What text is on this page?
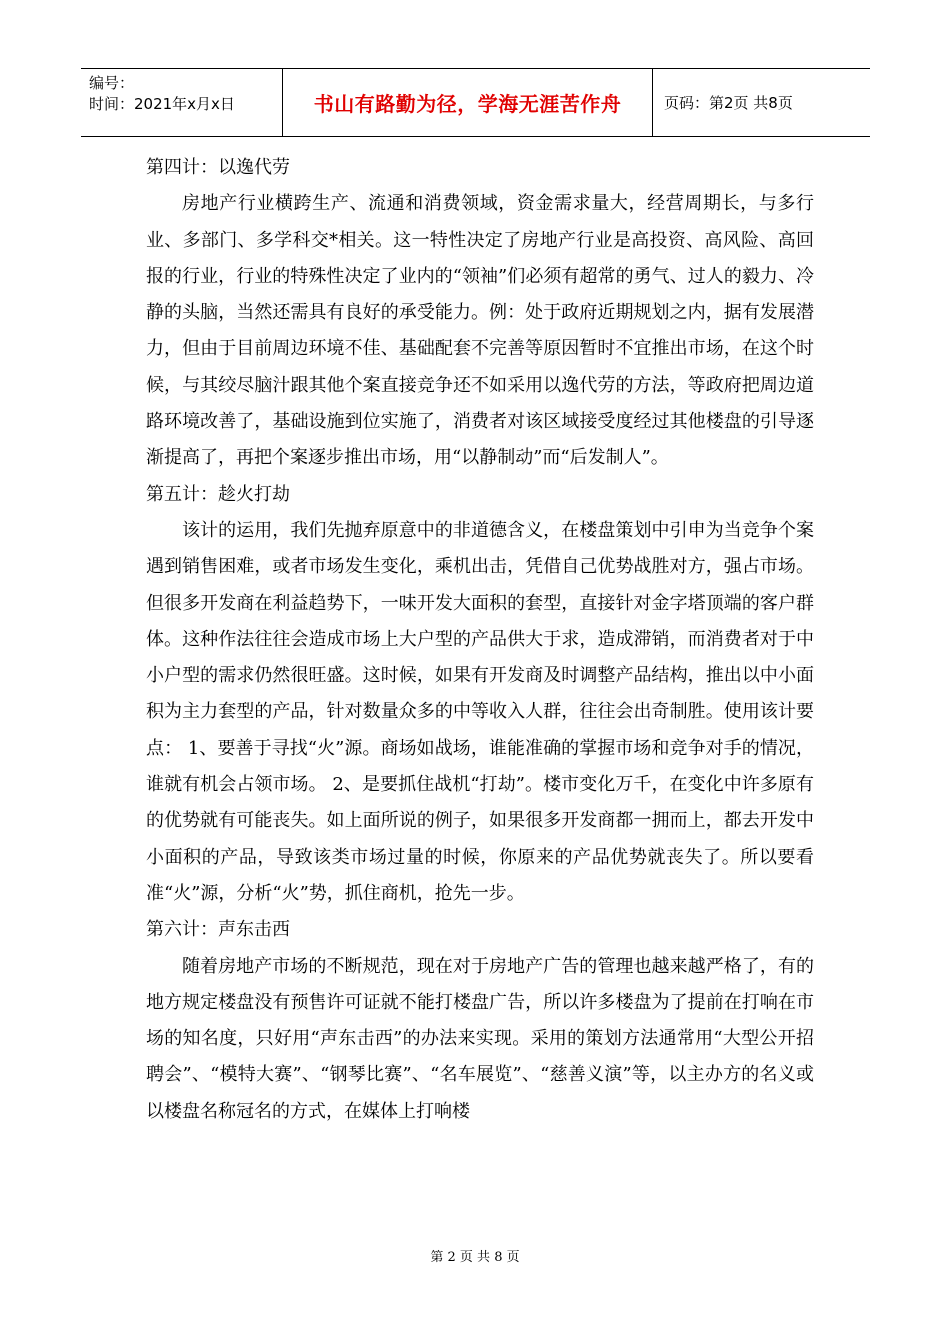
编号：
时间：2021年x月x日	书山有路勤为径，学海无涯苦作舟	页码：第2页 共8页

第四计：以逸代劳

房地产行业横跨生产、流通和消费领域，资金需求量大，经营周期长，与多行业、多部门、多学科交*相关。这一特性决定了房地产行业是高投资、高风险、高回报的行业，行业的特殊性决定了业内的“领袖”们必须有超常的勇气、过人的毅力、冷静的头脑，当然还需具有良好的承受能力。例：处于政府近期规划之内，据有发展潜力，但由于目前周边环境不佳、基础配套不完善等原因暂时不宜推出市场，在这个时候，与其绞尽脑汁跟其他个案直接竞争还不如采用以逸代劳的方法，等政府把周边道路环境改善了，基础设施到位实施了，消费者对该区域接受度经过其他楼盘的引导逐渐提高了，再把个案逐步推出市场，用“以静制动”而“后发制人”。

第五计：趁火打劫

该计的运用，我们先抛弃原意中的非道德含义，在楼盘策划中引申为当竞争个案遇到销售困难，或者市场发生变化，乘机出击，凭借自己优势战胜对方，强占市场。但很多开发商在利益趋势下，一味开发大面积的套型，直接针对金字塔顶端的客户群体。这种作法往往会造成市场上大户型的产品供大于求，造成滞销，而消费者对于中小户型的需求仍然很旺盛。这时候，如果有开发商及时调整产品结构，推出以中小面积为主力套型的产品，针对数量众多的中等收入人群，往往会出奇制胜。使用该计要点： 1、要善于寻找“火”源。商场如战场，谁能准确的掌握市场和竞争对手的情况，谁就有机会占领市场。 2、是要抓住战机“打劫”。楼市变化万千，在变化中许多原有的优势就有可能丧失。如上面所说的例子，如果很多开发商都一拥而上，都去开发中小面积的产品，导致该类市场过量的时候，你原来的产品优势就丧失了。所以要看准“火”源，分析“火”势，抓住商机，抢先一步。

第六计：声东击西

随着房地产市场的不断规范，现在对于房地产广告的管理也越来越严格了，有的地方规定楼盘没有预售许可证就不能打楼盘广告，所以许多楼盘为了提前在打响在市场的知名度，只好用“声东击西”的办法来实现。采用的策划方法通常用“大型公开招聘会”、“模特大赛”、“钢琴比赛”、“名车展览”、“慈善义演”等，以主办方的名义或以楼盘名称冠名的方式，在媒体上打响楼

第 2 页 共 8 页
